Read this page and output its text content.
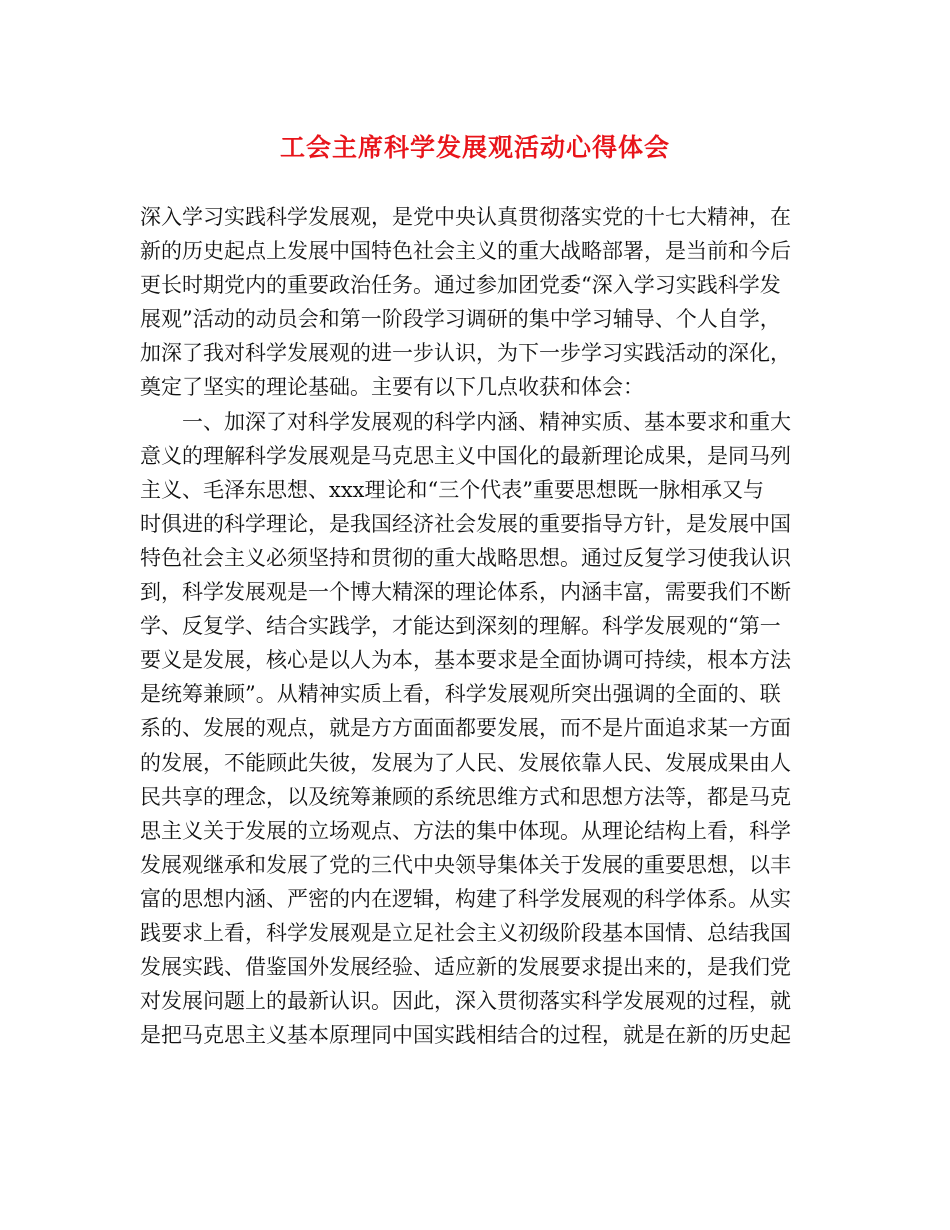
工会主席科学发展观活动心得体会
深入学习实践科学发展观，是党中央认真贯彻落实党的十七大精神，在
新的历史起点上发展中国特色社会主义的重大战略部署，是当前和今后
更长时期党内的重要政治任务。通过参加团党委“深入学习实践科学发
展观”活动的动员会和第一阶段学习调研的集中学习辅导、个人自学，
加深了我对科学发展观的进一步认识，为下一步学习实践活动的深化，
奠定了坚实的理论基础。主要有以下几点收获和体会：
一、加深了对科学发展观的科学内涵、精神实质、基本要求和重大
意义的理解科学发展观是马克思主义中国化的最新理论成果，是同马列
主义、毛泽东思想、xxx理论和“三个代表”重要思想既一脉相承又与
时俱进的科学理论，是我国经济社会发展的重要指导方针，是发展中国
特色社会主义必须坚持和贯彻的重大战略思想。通过反复学习使我认识
到，科学发展观是一个博大精深的理论体系，内涵丰富，需要我们不断
学、反复学、结合实践学，才能达到深刻的理解。科学发展观的“第一
要义是发展，核心是以人为本，基本要求是全面协调可持续，根本方法
是统筹兼顾”。从精神实质上看，科学发展观所突出强调的全面的、联
系的、发展的观点，就是方方面面都要发展，而不是片面追求某一方面
的发展，不能顾此失彼，发展为了人民、发展依靠人民、发展成果由人
民共享的理念，以及统筹兼顾的系统思维方式和思想方法等，都是马克
思主义关于发展的立场观点、方法的集中体现。从理论结构上看，科学
发展观继承和发展了党的三代中央领导集体关于发展的重要思想，以丰
富的思想内涵、严密的内在逻辑，构建了科学发展观的科学体系。从实
践要求上看，科学发展观是立足社会主义初级阶段基本国情、总结我国
发展实践、借鉴国外发展经验、适应新的发展要求提出来的，是我们党
对发展问题上的最新认识。因此，深入贯彻落实科学发展观的过程，就
是把马克思主义基本原理同中国实践相结合的过程，就是在新的历史起
